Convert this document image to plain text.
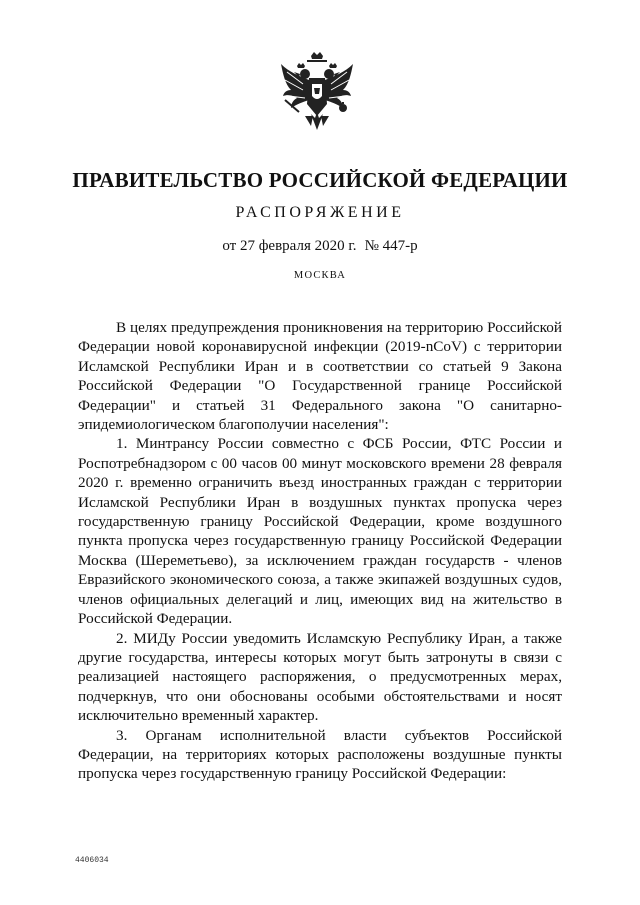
ПРАВИТЕЛЬСТВО РОССИЙСКОЙ ФЕДЕРАЦИИ
РАСПОРЯЖЕНИЕ
от 27 февраля 2020 г. № 447-р
МОСКВА

В целях предупреждения проникновения на территорию Российской Федерации новой коронавирусной инфекции (2019-nCoV) с территории Исламской Республики Иран и в соответствии со статьей 9 Закона Российской Федерации "О Государственной границе Российской Федерации" и статьей 31 Федерального закона "О санитарно-эпидемиологическом благополучии населения":

1. Минтрансу России совместно с ФСБ России, ФТС России и Роспотребнадзором с 00 часов 00 минут московского времени 28 февраля 2020 г. временно ограничить въезд иностранных граждан с территории Исламской Республики Иран в воздушных пунктах пропуска через государственную границу Российской Федерации, кроме воздушного пункта пропуска через государственную границу Российской Федерации Москва (Шереметьево), за исключением граждан государств - членов Евразийского экономического союза, а также экипажей воздушных судов, членов официальных делегаций и лиц, имеющих вид на жительство в Российской Федерации.

2. МИДу России уведомить Исламскую Республику Иран, а также другие государства, интересы которых могут быть затронуты в связи с реализацией настоящего распоряжения, о предусмотренных мерах, подчеркнув, что они обоснованы особыми обстоятельствами и носят исключительно временный характер.

3. Органам исполнительной власти субъектов Российской Федерации, на территориях которых расположены воздушные пункты пропуска через государственную границу Российской Федерации:

4406034
